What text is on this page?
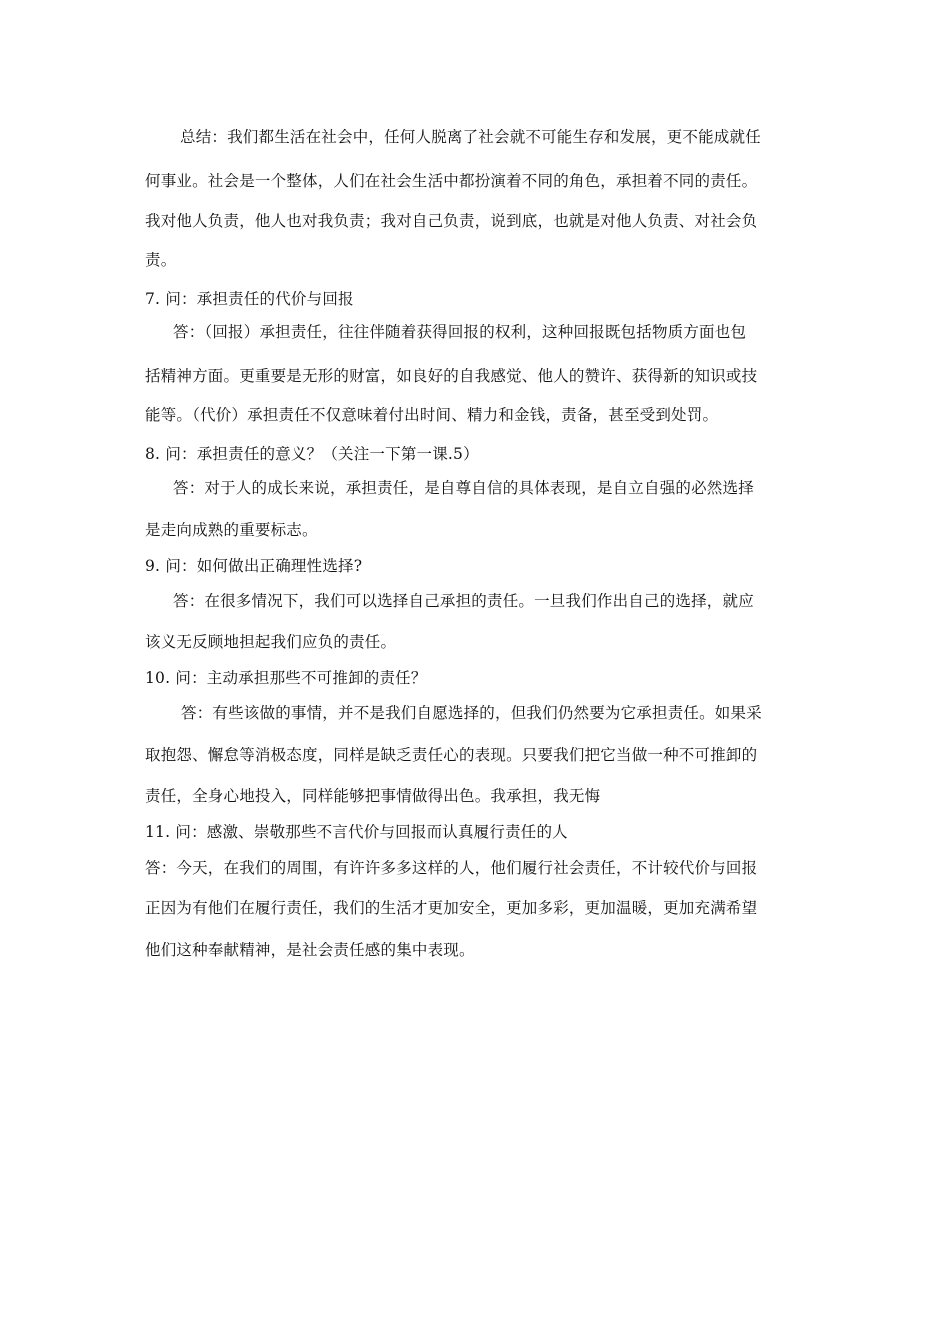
总结：我们都生活在社会中，任何人脱离了社会就不可能生存和发展，更不能成就任
何事业。社会是一个整体，人们在社会生活中都扮演着不同的角色，承担着不同的责任。
我对他人负责，他人也对我负责；我对自己负责，说到底，也就是对他人负责、对社会负
责。
7. 问：承担责任的代价与回报
答：（回报）承担责任，往往伴随着获得回报的权利，这种回报既包括物质方面也包
括精神方面。更重要是无形的财富，如良好的自我感觉、他人的赞许、获得新的知识或技
能等。（代价）承担责任不仅意味着付出时间、精力和金钱，责备，甚至受到处罚。
8. 问：承担责任的意义？（关注一下第一课.5）
答：对于人的成长来说，承担责任，是自尊自信的具体表现，是自立自强的必然选择
是走向成熟的重要标志。
9. 问：如何做出正确理性选择?
答：在很多情况下，我们可以选择自己承担的责任。一旦我们作出自己的选择，就应
该义无反顾地担起我们应负的责任。
10. 问：主动承担那些不可推卸的责任？
答：有些该做的事情，并不是我们自愿选择的，但我们仍然要为它承担责任。如果采
取抱怨、懈怠等消极态度，同样是缺乏责任心的表现。只要我们把它当做一种不可推卸的
责任，全身心地投入，同样能够把事情做得出色。我承担，我无悔
11. 问：感激、崇敬那些不言代价与回报而认真履行责任的人
答：今天，在我们的周围，有许许多多这样的人，他们履行社会责任，不计较代价与回报
正因为有他们在履行责任，我们的生活才更加安全，更加多彩，更加温暖，更加充满希望
他们这种奉献精神，是社会责任感的集中表现。
